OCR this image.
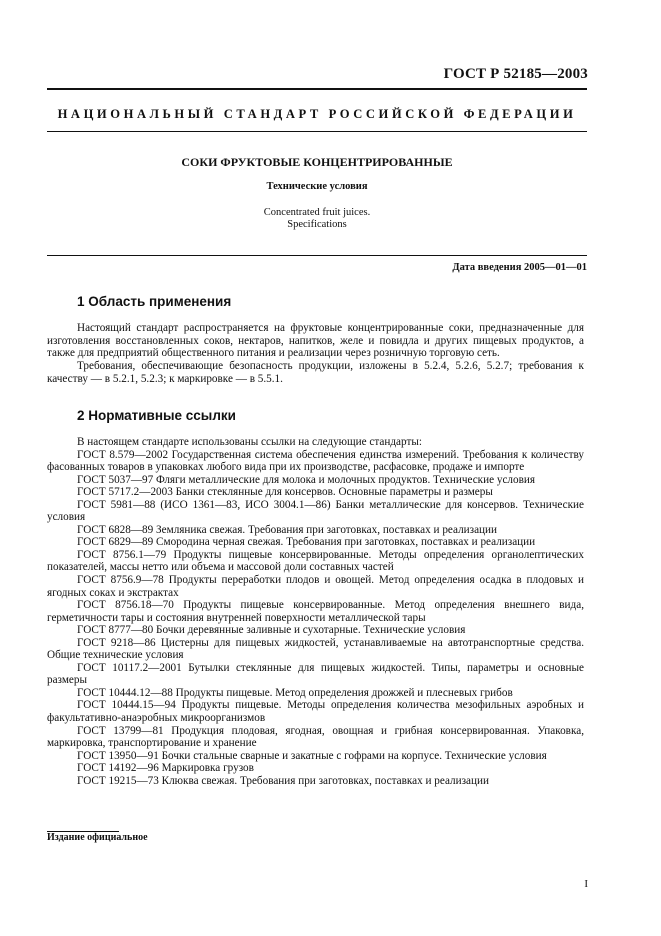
ГОСТ Р 52185—2003
НАЦИОНАЛЬНЫЙ СТАНДАРТ РОССИЙСКОЙ ФЕДЕРАЦИИ
СОКИ ФРУКТОВЫЕ КОНЦЕНТРИРОВАННЫЕ
Технические условия
Concentrated fruit juices.
Specifications
Дата введения 2005—01—01
1 Область применения

Настоящий стандарт распространяется на фруктовые концентрированные соки, предназначенные для изготовления восстановленных соков, нектаров, напитков, желе и повидла и других пищевых продуктов, а также для предприятий общественного питания и реализации через розничную торговую сеть.

Требования, обеспечивающие безопасность продукции, изложены в 5.2.4, 5.2.6, 5.2.7; требования к качеству — в 5.2.1, 5.2.3; к маркировке — в 5.5.1.

2 Нормативные ссылки

В настоящем стандарте использованы ссылки на следующие стандарты:

ГОСТ 8.579—2002 Государственная система обеспечения единства измерений. Требования к количеству фасованных товаров в упаковках любого вида при их производстве, расфасовке, продаже и импорте

ГОСТ 5037—97 Фляги металлические для молока и молочных продуктов. Технические условия

ГОСТ 5717.2—2003 Банки стеклянные для консервов. Основные параметры и размеры

ГОСТ 5981—88 (ИСО 1361—83, ИСО 3004.1—86) Банки металлические для консервов. Технические условия

ГОСТ 6828—89 Земляника свежая. Требования при заготовках, поставках и реализации

ГОСТ 6829—89 Смородина черная свежая. Требования при заготовках, поставках и реализации

ГОСТ 8756.1—79 Продукты пищевые консервированные. Методы определения органолептических показателей, массы нетто или объема и массовой доли составных частей

ГОСТ 8756.9—78 Продукты переработки плодов и овощей. Метод определения осадка в плодовых и ягодных соках и экстрактах

ГОСТ 8756.18—70 Продукты пищевые консервированные. Метод определения внешнего вида, герметичности тары и состояния внутренней поверхности металлической тары

ГОСТ 8777—80 Бочки деревянные заливные и сухотарные. Технические условия

ГОСТ 9218—86 Цистерны для пищевых жидкостей, устанавливаемые на автотранспортные средства. Общие технические условия

ГОСТ 10117.2—2001 Бутылки стеклянные для пищевых жидкостей. Типы, параметры и основные размеры

ГОСТ 10444.12—88 Продукты пищевые. Метод определения дрожжей и плесневых грибов

ГОСТ 10444.15—94 Продукты пищевые. Методы определения количества мезофильных аэробных и факультативно-анаэробных микроорганизмов

ГОСТ 13799—81 Продукция плодовая, ягодная, овощная и грибная консервированная. Упаковка, маркировка, транспортирование и хранение

ГОСТ 13950—91 Бочки стальные сварные и закатные с гофрами на корпусе. Технические условия

ГОСТ 14192—96 Маркировка грузов

ГОСТ 19215—73 Клюква свежая. Требования при заготовках, поставках и реализации

Издание официальное
I
